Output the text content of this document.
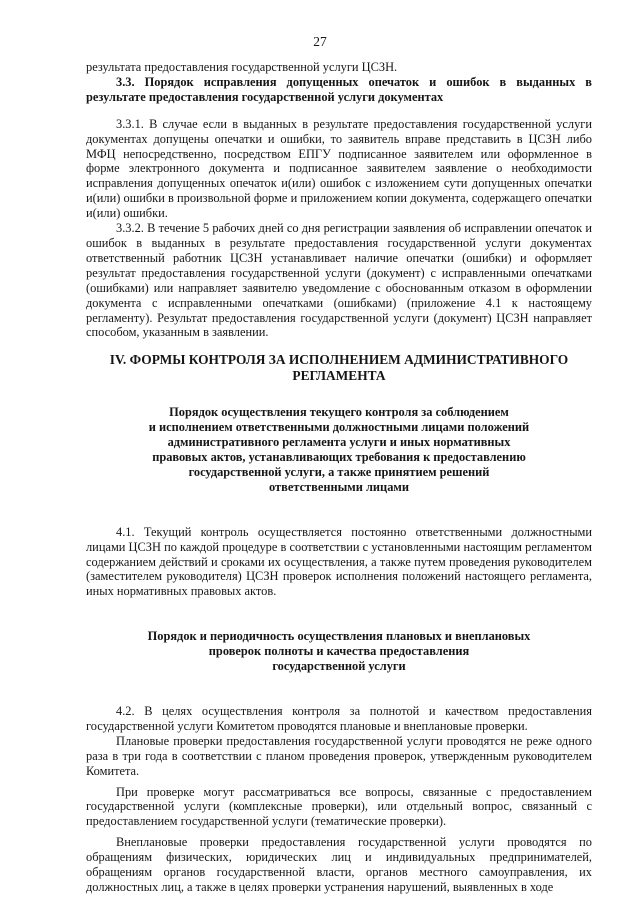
27

результата предоставления государственной услуги ЦСЗН.

3.3. Порядок исправления допущенных опечаток и ошибок в выданных в результате предоставления государственной услуги документах

3.3.1. В случае если в выданных в результате предоставления государственной услуги документах допущены опечатки и ошибки, то заявитель вправе представить в ЦСЗН либо МФЦ непосредственно, посредством ЕПГУ подписанное заявителем или оформленное в форме электронного документа и подписанное заявителем заявление о необходимости исправления допущенных опечаток и(или) ошибок с изложением сути допущенных опечатки и(или) ошибки в произвольной форме и приложением копии документа, содержащего опечатки и(или) ошибки.

3.3.2. В течение 5 рабочих дней со дня регистрации заявления об исправлении опечаток и ошибок в выданных в результате предоставления государственной услуги документах ответственный работник ЦСЗН устанавливает наличие опечатки (ошибки) и оформляет результат предоставления государственной услуги (документ) с исправленными опечатками (ошибками) или направляет заявителю уведомление с обоснованным отказом в оформлении документа с исправленными опечатками (ошибками) (приложение 4.1 к настоящему регламенту). Результат предоставления государственной услуги (документ) ЦСЗН направляет способом, указанным в заявлении.

IV. ФОРМЫ КОНТРОЛЯ ЗА ИСПОЛНЕНИЕМ АДМИНИСТРАТИВНОГО

РЕГЛАМЕНТА

Порядок осуществления текущего контроля за соблюдением

и исполнением ответственными должностными лицами положений

административного регламента услуги и иных нормативных

правовых актов, устанавливающих требования к предоставлению

государственной услуги, а также принятием решений

ответственными лицами

4.1. Текущий контроль осуществляется постоянно ответственными должностными лицами ЦСЗН по каждой процедуре в соответствии с установленными настоящим регламентом содержанием действий и сроками их осуществления, а также путем проведения руководителем (заместителем руководителя) ЦСЗН проверок исполнения положений настоящего регламента, иных нормативных правовых актов.

Порядок и периодичность осуществления плановых и внеплановых

проверок полноты и качества предоставления

государственной услуги

4.2. В целях осуществления контроля за полнотой и качеством предоставления государственной услуги Комитетом проводятся плановые и внеплановые проверки.

Плановые проверки предоставления государственной услуги проводятся не реже одного раза в три года в соответствии с планом проведения проверок, утвержденным руководителем Комитета.

При проверке могут рассматриваться все вопросы, связанные с предоставлением государственной услуги (комплексные проверки), или отдельный вопрос, связанный с предоставлением государственной услуги (тематические проверки).

Внеплановые проверки предоставления государственной услуги проводятся по обращениям физических, юридических лиц и индивидуальных предпринимателей, обращениям органов государственной власти, органов местного самоуправления, их должностных лиц, а также в целях проверки устранения нарушений, выявленных в ходе
